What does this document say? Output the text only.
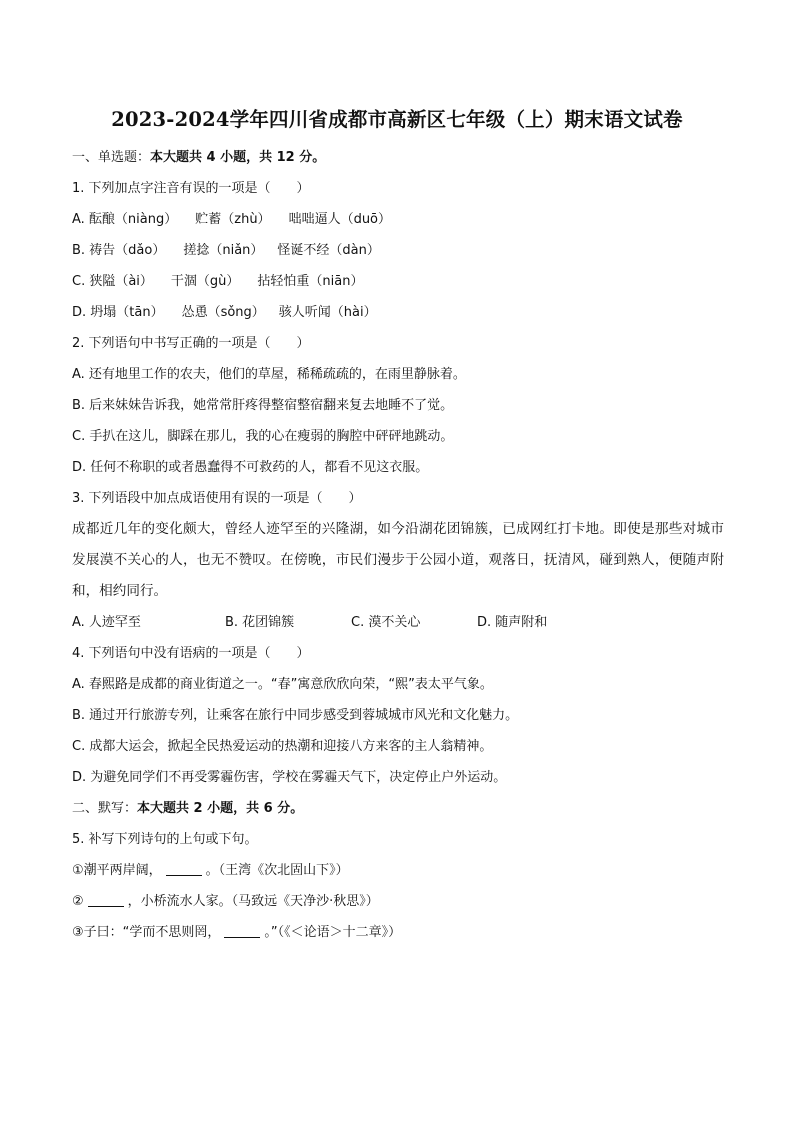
2023-2024学年四川省成都市高新区七年级（上）期末语文试卷
一、单选题：本大题共 4 小题，共 12 分。
1. 下列加点字注音有误的一项是（　　）
A. 酝酿（niàng） 贮蓄（zhù） 咄咄逼人（duō）
B. 祷告（dǎo） 搓捻（niǎn） 怪诞不经（dàn）
C. 狭隘（ài） 干涸（gù） 拈轻怕重（niān）
D. 坍塌（tān） 怂恿（sǒng） 骇人听闻（hài）
2. 下列语句中书写正确的一项是（　　）
A. 还有地里工作的农夫，他们的草屋，稀稀疏疏的，在雨里静脉着。
B. 后来妹妹告诉我，她常常肝疼得整宿整宿翻来复去地睡不了觉。
C. 手扒在这儿，脚踩在那儿，我的心在瘦弱的胸腔中砰砰地跳动。
D. 任何不称职的或者愚蠢得不可救药的人，都看不见这衣服。
3. 下列语段中加点成语使用有误的一项是（　　）
成都近几年的变化颇大，曾经人迹罕至的兴隆湖，如今沿湖花团锦簇，已成网红打卡地。即使是那些对城市发展漠不关心的人，也无不赞叹。在傍晚，市民们漫步于公园小道，观落日，抚清风，碰到熟人，便随声附和，相约同行。
A. 人迹罕至	B. 花团锦簇	C. 漠不关心	D. 随声附和
4. 下列语句中没有语病的一项是（　　）
A. 春熙路是成都的商业街道之一。“春”寓意欣欣向荣，“熙”表太平气象。
B. 通过开行旅游专列，让乘客在旅行中同步感受到蓉城城市风光和文化魅力。
C. 成都大运会，掀起全民热爱运动的热潮和迎接八方来客的主人翁精神。
D. 为避免同学们不再受雾霾伤害，学校在雾霾天气下，决定停止户外运动。
二、默写：本大题共 2 小题，共 6 分。
5. 补写下列诗句的上句或下句。
①潮平两岸阔，	。（王湾《次北固山下》）
②	，小桥流水人家。（马致远《天净沙·秋思》）
③子曰：“学而不思则罔，	。”（《＜论语＞十二章》）
